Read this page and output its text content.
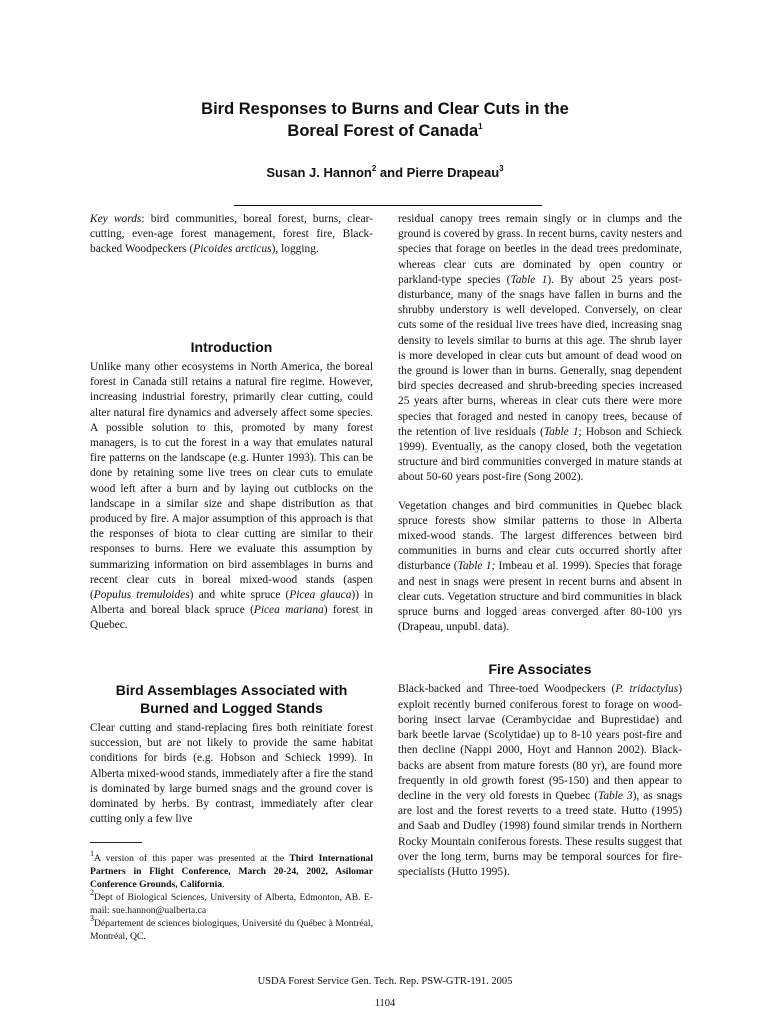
Bird Responses to Burns and Clear Cuts in the
Boreal Forest of Canada$^1$
Susan J. Hannon$^2$ and Pierre Drapeau$^3$

Key words: bird communities, boreal forest, burns, clear-cutting, even-age forest management, forest fire, Black-backed Woodpeckers (Picoides arcticus), logging.

Introduction

Unlike many other ecosystems in North America, the boreal forest in Canada still retains a natural fire regime. However, increasing industrial forestry, primarily clear cutting, could alter natural fire dynamics and adversely affect some species. A possible solution to this, promoted by many forest managers, is to cut the forest in a way that emulates natural fire patterns on the landscape (e.g. Hunter 1993). This can be done by retaining some live trees on clear cuts to emulate wood left after a burn and by laying out cutblocks on the landscape in a similar size and shape distribution as that produced by fire. A major assumption of this approach is that the responses of biota to clear cutting are similar to their responses to burns. Here we evaluate this assumption by summarizing information on bird assemblages in burns and recent clear cuts in boreal mixed-wood stands (aspen (Populus tremuloides) and white spruce (Picea glauca)) in Alberta and boreal black spruce (Picea mariana) forest in Quebec.

Bird Assemblages Associated with
Burned and Logged Stands

Clear cutting and stand-replacing fires both reinitiate forest succession, but are not likely to provide the same habitat conditions for birds (e.g. Hobson and Schieck 1999). In Alberta mixed-wood stands, immediately after a fire the stand is dominated by large burned snags and the ground cover is dominated by herbs. By contrast, immediately after clear cutting only a few live

$^1$A version of this paper was presented at the Third International Partners in Flight Conference, March 20-24, 2002, Asilomar Conference Grounds, California.

$^2$Dept of Biological Sciences, University of Alberta, Edmonton, AB. E-mail: sue.hannon@ualberta.ca

$^3$Département de sciences biologiques, Université du Québec à Montréal, Montréal, QC.

residual canopy trees remain singly or in clumps and the ground is covered by grass. In recent burns, cavity nesters and species that forage on beetles in the dead trees predominate, whereas clear cuts are dominated by open country or parkland-type species (Table 1). By about 25 years post-disturbance, many of the snags have fallen in burns and the shrubby understory is well developed. Conversely, on clear cuts some of the residual live trees have died, increasing snag density to levels similar to burns at this age. The shrub layer is more developed in clear cuts but amount of dead wood on the ground is lower than in burns. Generally, snag dependent bird species decreased and shrub-breeding species increased 25 years after burns, whereas in clear cuts there were more species that foraged and nested in canopy trees, because of the retention of live residuals (Table 1; Hobson and Schieck 1999). Eventually, as the canopy closed, both the vegetation structure and bird communities converged in mature stands at about 50-60 years post-fire (Song 2002).

Vegetation changes and bird communities in Quebec black spruce forests show similar patterns to those in Alberta mixed-wood stands. The largest differences between bird communities in burns and clear cuts occurred shortly after disturbance (Table 1; Imbeau et al. 1999). Species that forage and nest in snags were present in recent burns and absent in clear cuts. Vegetation structure and bird communities in black spruce burns and logged areas converged after 80-100 yrs (Drapeau, unpubl. data).

Fire Associates

Black-backed and Three-toed Woodpeckers (P. tridactylus) exploit recently burned coniferous forest to forage on wood-boring insect larvae (Cerambycidae and Buprestidae) and bark beetle larvae (Scolytidae) up to 8-10 years post-fire and then decline (Nappi 2000, Hoyt and Hannon 2002). Black-backs are absent from mature forests (80 yr), are found more frequently in old growth forest (95-150) and then appear to decline in the very old forests in Quebec (Table 3), as snags are lost and the forest reverts to a treed state. Hutto (1995) and Saab and Dudley (1998) found similar trends in Northern Rocky Mountain coniferous forests. These results suggest that over the long term, burns may be temporal sources for fire-specialists (Hutto 1995).

USDA Forest Service Gen. Tech. Rep. PSW-GTR-191. 2005
1104
